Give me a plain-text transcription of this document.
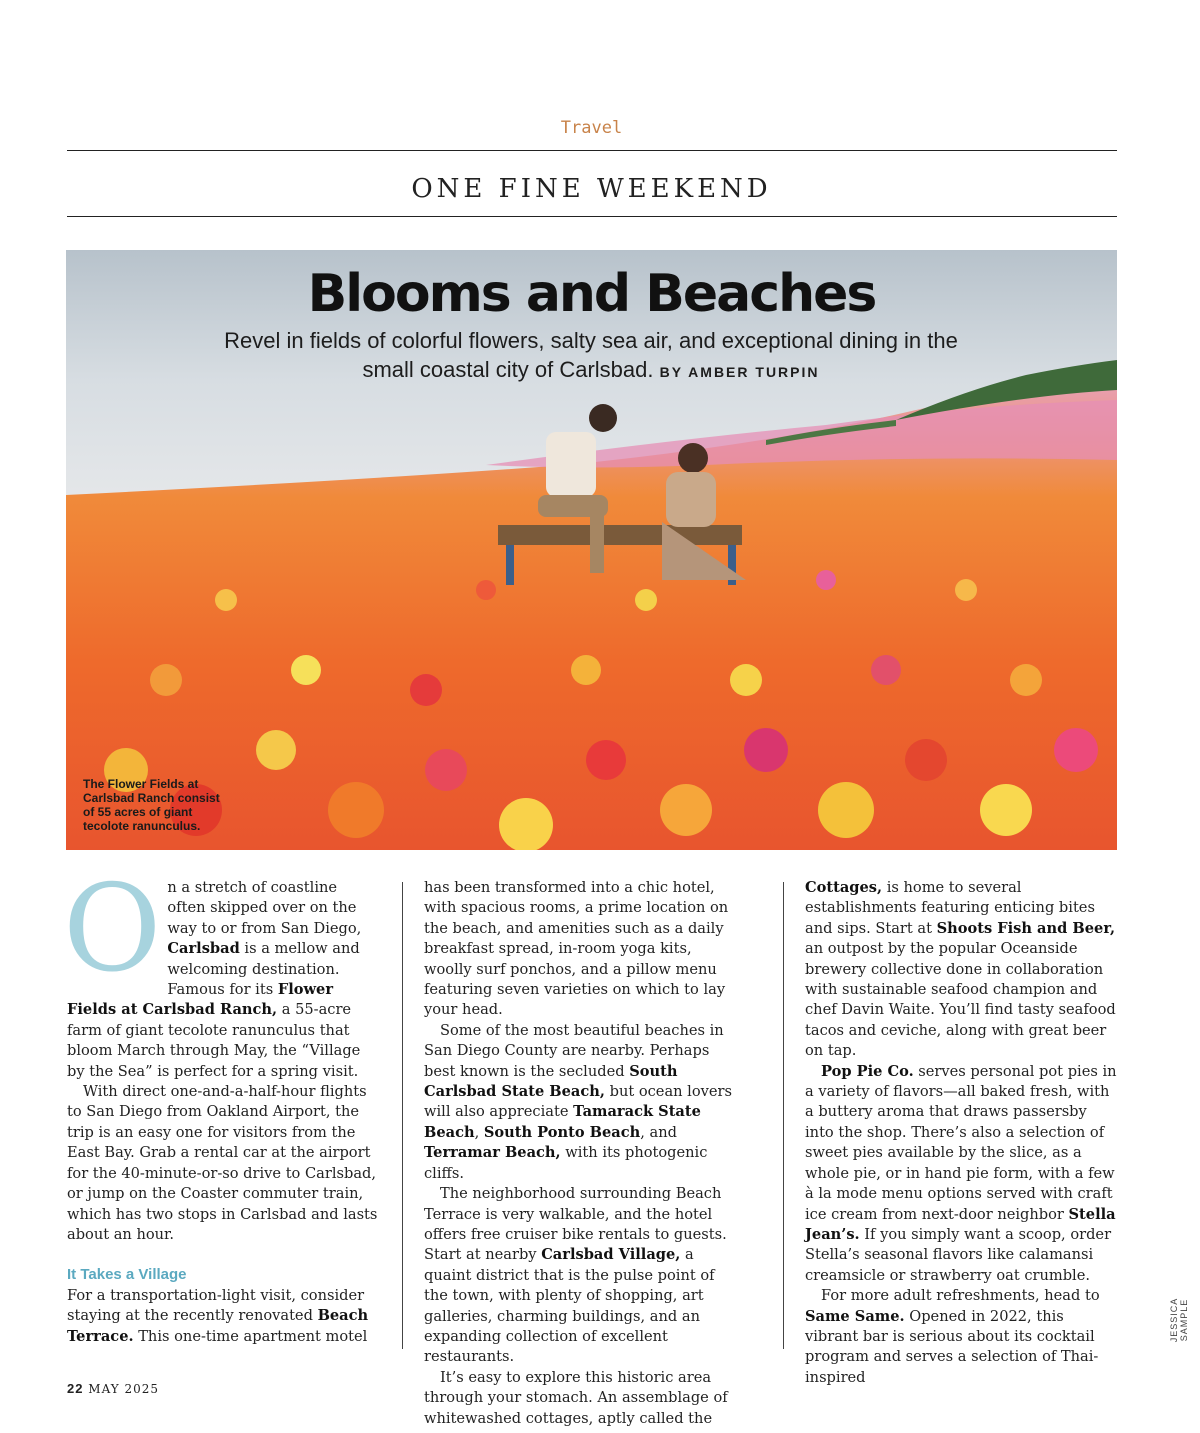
Travel
ONE FINE WEEKEND
Blooms and Beaches
Revel in fields of colorful flowers, salty sea air, and exceptional dining in the small coastal city of Carlsbad. BY AMBER TURPIN
The Flower Fields at Carlsbad Ranch consist of 55 acres of giant tecolote ranunculus.

On a stretch of coastline often skipped over on the way to or from San Diego, Carlsbad is a mellow and welcoming destination. Famous for its Flower Fields at Carlsbad Ranch, a 55-acre farm of giant tecolote ranunculus that bloom March through May, the “Village by the Sea” is perfect for a spring visit.

With direct one-and-a-half-hour flights to San Diego from Oakland Airport, the trip is an easy one for visitors from the East Bay. Grab a rental car at the airport for the 40-minute-or-so drive to Carlsbad, or jump on the Coaster commuter train, which has two stops in Carlsbad and lasts about an hour.

It Takes a Village

For a transportation-light visit, consider staying at the recently renovated Beach Terrace. This one-time apartment motel

has been transformed into a chic hotel, with spacious rooms, a prime location on the beach, and amenities such as a daily breakfast spread, in-room yoga kits, woolly surf ponchos, and a pillow menu featuring seven varieties on which to lay your head.

Some of the most beautiful beaches in San Diego County are nearby. Perhaps best known is the secluded South Carlsbad State Beach, but ocean lovers will also appreciate Tamarack State Beach, South Ponto Beach, and Terramar Beach, with its photogenic cliffs.

The neighborhood surrounding Beach Terrace is very walkable, and the hotel offers free cruiser bike rentals to guests. Start at nearby Carlsbad Village, a quaint district that is the pulse point of the town, with plenty of shopping, art galleries, charming buildings, and an expanding collection of excellent restaurants.

It’s easy to explore this historic area through your stomach. An assemblage of whitewashed cottages, aptly called the

Cottages, is home to several establishments featuring enticing bites and sips. Start at Shoots Fish and Beer, an outpost by the popular Oceanside brewery collective done in collaboration with sustainable seafood champion and chef Davin Waite. You’ll find tasty seafood tacos and ceviche, along with great beer on tap.

Pop Pie Co. serves personal pot pies in a variety of flavors—all baked fresh, with a buttery aroma that draws passersby into the shop. There’s also a selection of sweet pies available by the slice, as a whole pie, or in hand pie form, with a few à la mode menu options served with craft ice cream from next-door neighbor Stella Jean’s. If you simply want a scoop, order Stella’s seasonal flavors like calamansi creamsicle or strawberry oat crumble.

For more adult refreshments, head to Same Same. Opened in 2022, this vibrant bar is serious about its cocktail program and serves a selection of Thai-inspired

JESSICA SAMPLE
22 MAY 2025
